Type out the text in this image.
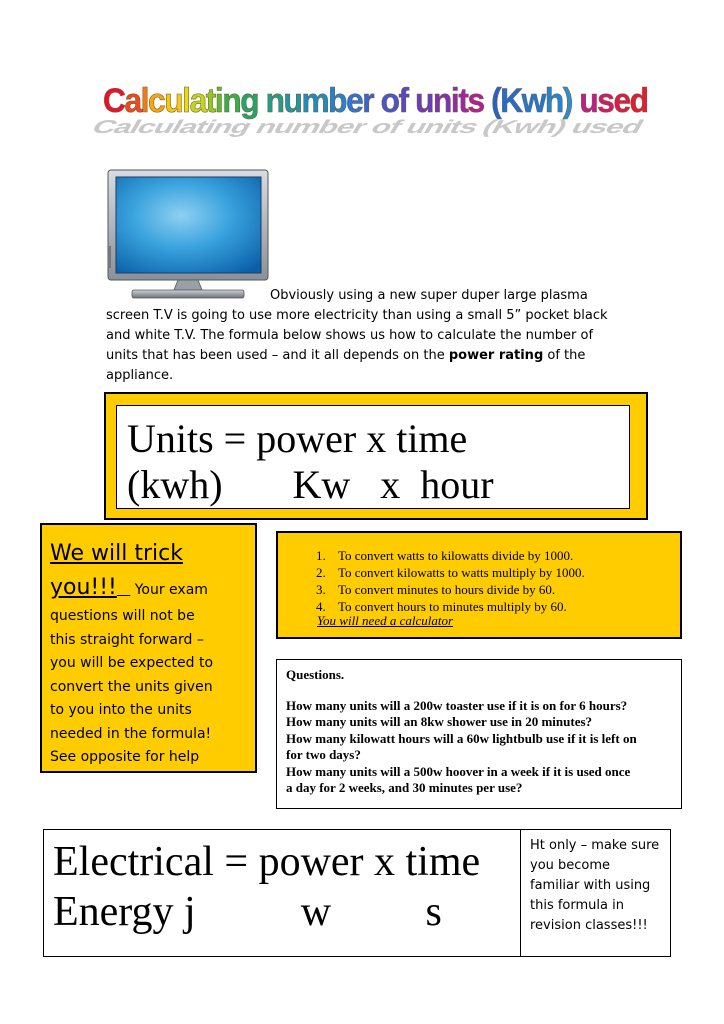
Calculating number of units (Kwh) used
Calculating number of units (Kwh) used
Obviously using a new super duper large plasma
screen T.V is going to use more electricity than using a small 5” pocket black
and white T.V. The formula below shows us how to calculate the number of
units that has been used – and it all depends on the power rating of the
appliance.
Units = power x time
(kwh)       Kw   x  hour
We will trick
you!!!    Your exam
questions will not be
this straight forward –
you will be expected to
convert the units given
to you into the units
needed in the formula!
See opposite for help
1. To convert watts to kilowatts divide by 1000.
2. To convert kilowatts to watts multiply by 1000.
3. To convert minutes to hours divide by 60.
4. To convert hours to minutes multiply by 60.
You will need a calculator
Questions.
How many units will a 200w toaster use if it is on for 6 hours?
How many units will an 8kw shower use in 20 minutes?
How many kilowatt hours will a 60w lightbulb use if it is left on
for two days?
How many units will a 500w hoover in a week if it is used once
a day for 2 weeks, and 30 minutes per use?
Electrical = power x time
Energy j          w         s
Ht only – make sure
you become
familiar with using
this formula in
revision classes!!!
